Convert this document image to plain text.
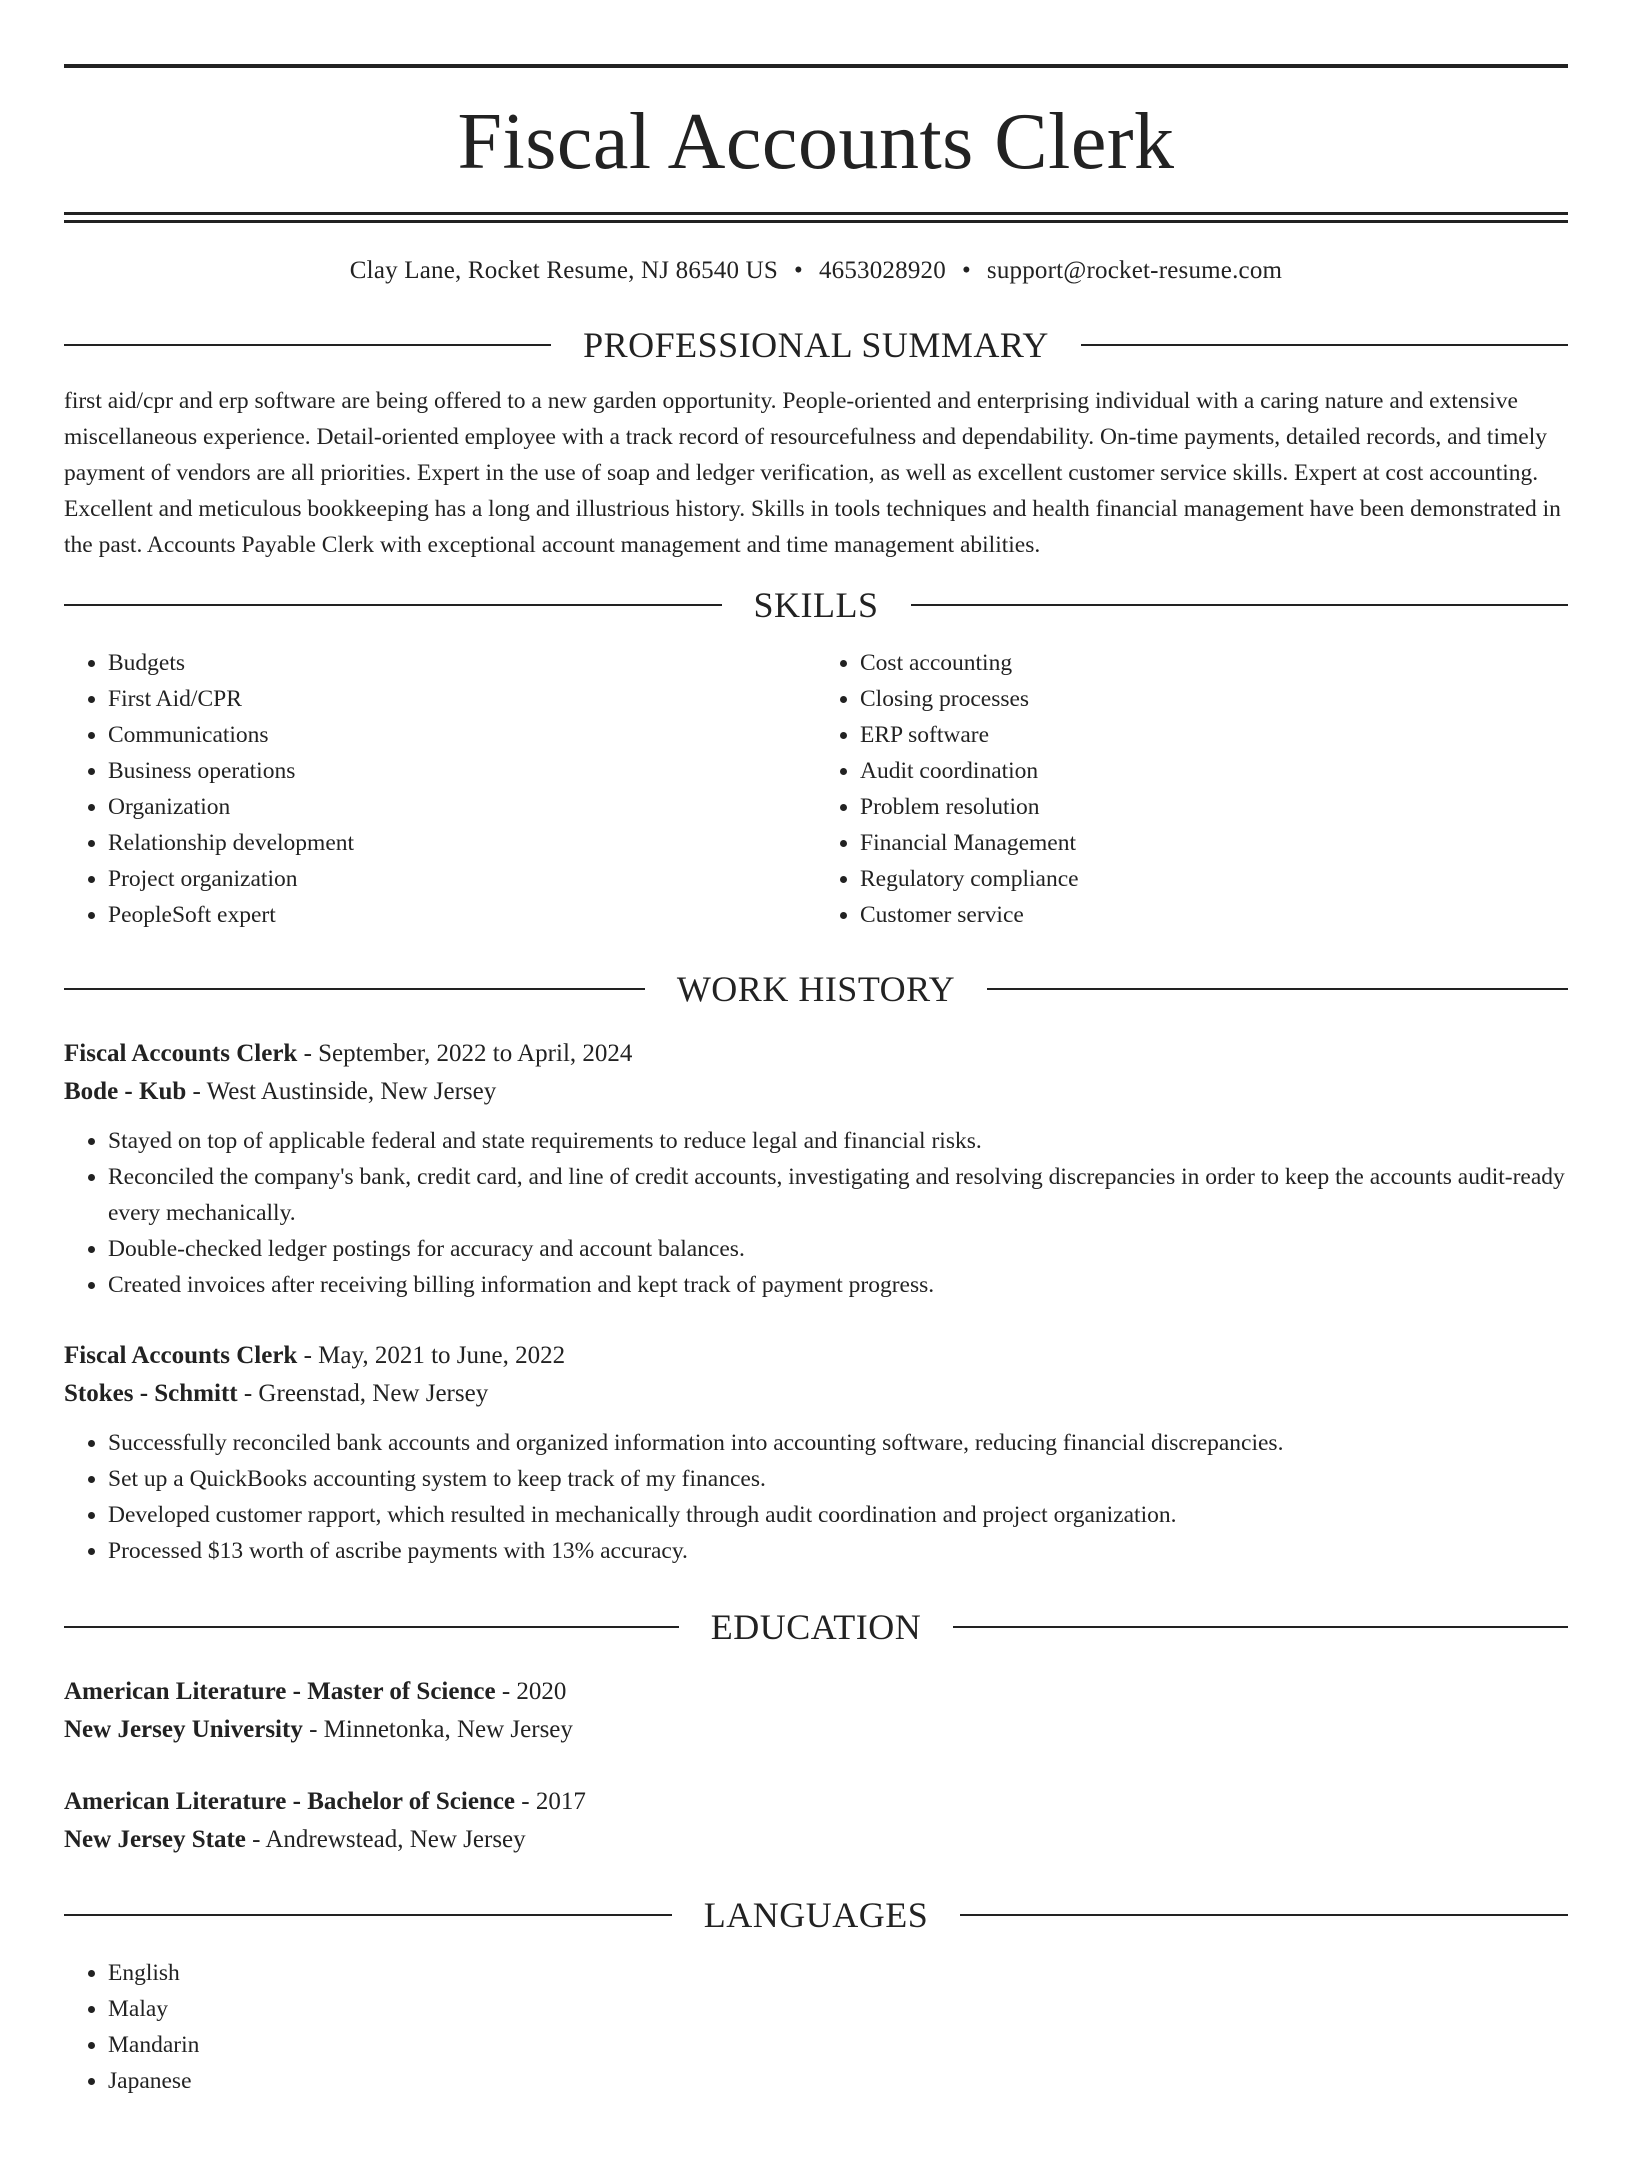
Fiscal Accounts Clerk
Clay Lane, Rocket Resume, NJ 86540 US • 4653028920 • support@rocket-resume.com
PROFESSIONAL SUMMARY

first aid/cpr and erp software are being offered to a new garden opportunity. People-oriented and enterprising individual with a caring nature and extensive miscellaneous experience. Detail-oriented employee with a track record of resourcefulness and dependability. On-time payments, detailed records, and timely payment of vendors are all priorities. Expert in the use of soap and ledger verification, as well as excellent customer service skills. Expert at cost accounting. Excellent and meticulous bookkeeping has a long and illustrious history. Skills in tools techniques and health financial management have been demonstrated in the past. Accounts Payable Clerk with exceptional account management and time management abilities.

SKILLS
• Budgets
• First Aid/CPR
• Communications
• Business operations
• Organization
• Relationship development
• Project organization
• PeopleSoft expert
• Cost accounting
• Closing processes
• ERP software
• Audit coordination
• Problem resolution
• Financial Management
• Regulatory compliance
• Customer service
WORK HISTORY
Fiscal Accounts Clerk - September, 2022 to April, 2024
Bode - Kub - West Austinside, New Jersey
• Stayed on top of applicable federal and state requirements to reduce legal and financial risks.
• Reconciled the company's bank, credit card, and line of credit accounts, investigating and resolving discrepancies in order to keep the accounts audit-ready every mechanically.
• Double-checked ledger postings for accuracy and account balances.
• Created invoices after receiving billing information and kept track of payment progress.
Fiscal Accounts Clerk - May, 2021 to June, 2022
Stokes - Schmitt - Greenstad, New Jersey
• Successfully reconciled bank accounts and organized information into accounting software, reducing financial discrepancies.
• Set up a QuickBooks accounting system to keep track of my finances.
• Developed customer rapport, which resulted in mechanically through audit coordination and project organization.
• Processed $13 worth of ascribe payments with 13% accuracy.
EDUCATION
American Literature - Master of Science - 2020
New Jersey University - Minnetonka, New Jersey
American Literature - Bachelor of Science - 2017
New Jersey State - Andrewstead, New Jersey
LANGUAGES
• English
• Malay
• Mandarin
• Japanese
